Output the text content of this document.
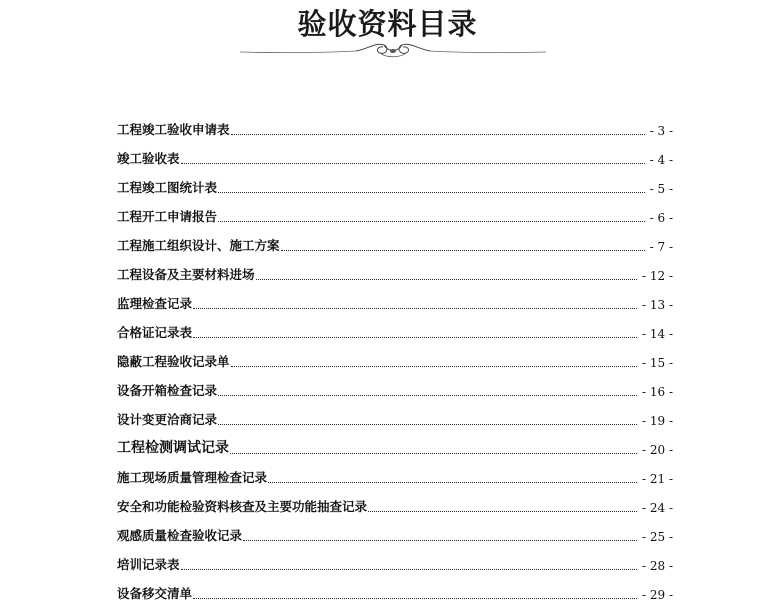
验收资料目录
工程竣工验收申请表	- 3 -
竣工验收表	- 4 -
工程竣工图统计表	- 5 -
工程开工申请报告	- 6 -
工程施工组织设计、施工方案	- 7 -
工程设备及主要材料进场	- 12 -
监理检查记录	- 13 -
合格证记录表	- 14 -
隐蔽工程验收记录单	- 15 -
设备开箱检查记录	- 16 -
设计变更洽商记录	- 19 -
工程检测调试记录	- 20 -
施工现场质量管理检查记录	- 21 -
安全和功能检验资料核查及主要功能抽查记录	- 24 -
观感质量检查验收记录	- 25 -
培训记录表	- 28 -
设备移交清单	- 29 -
